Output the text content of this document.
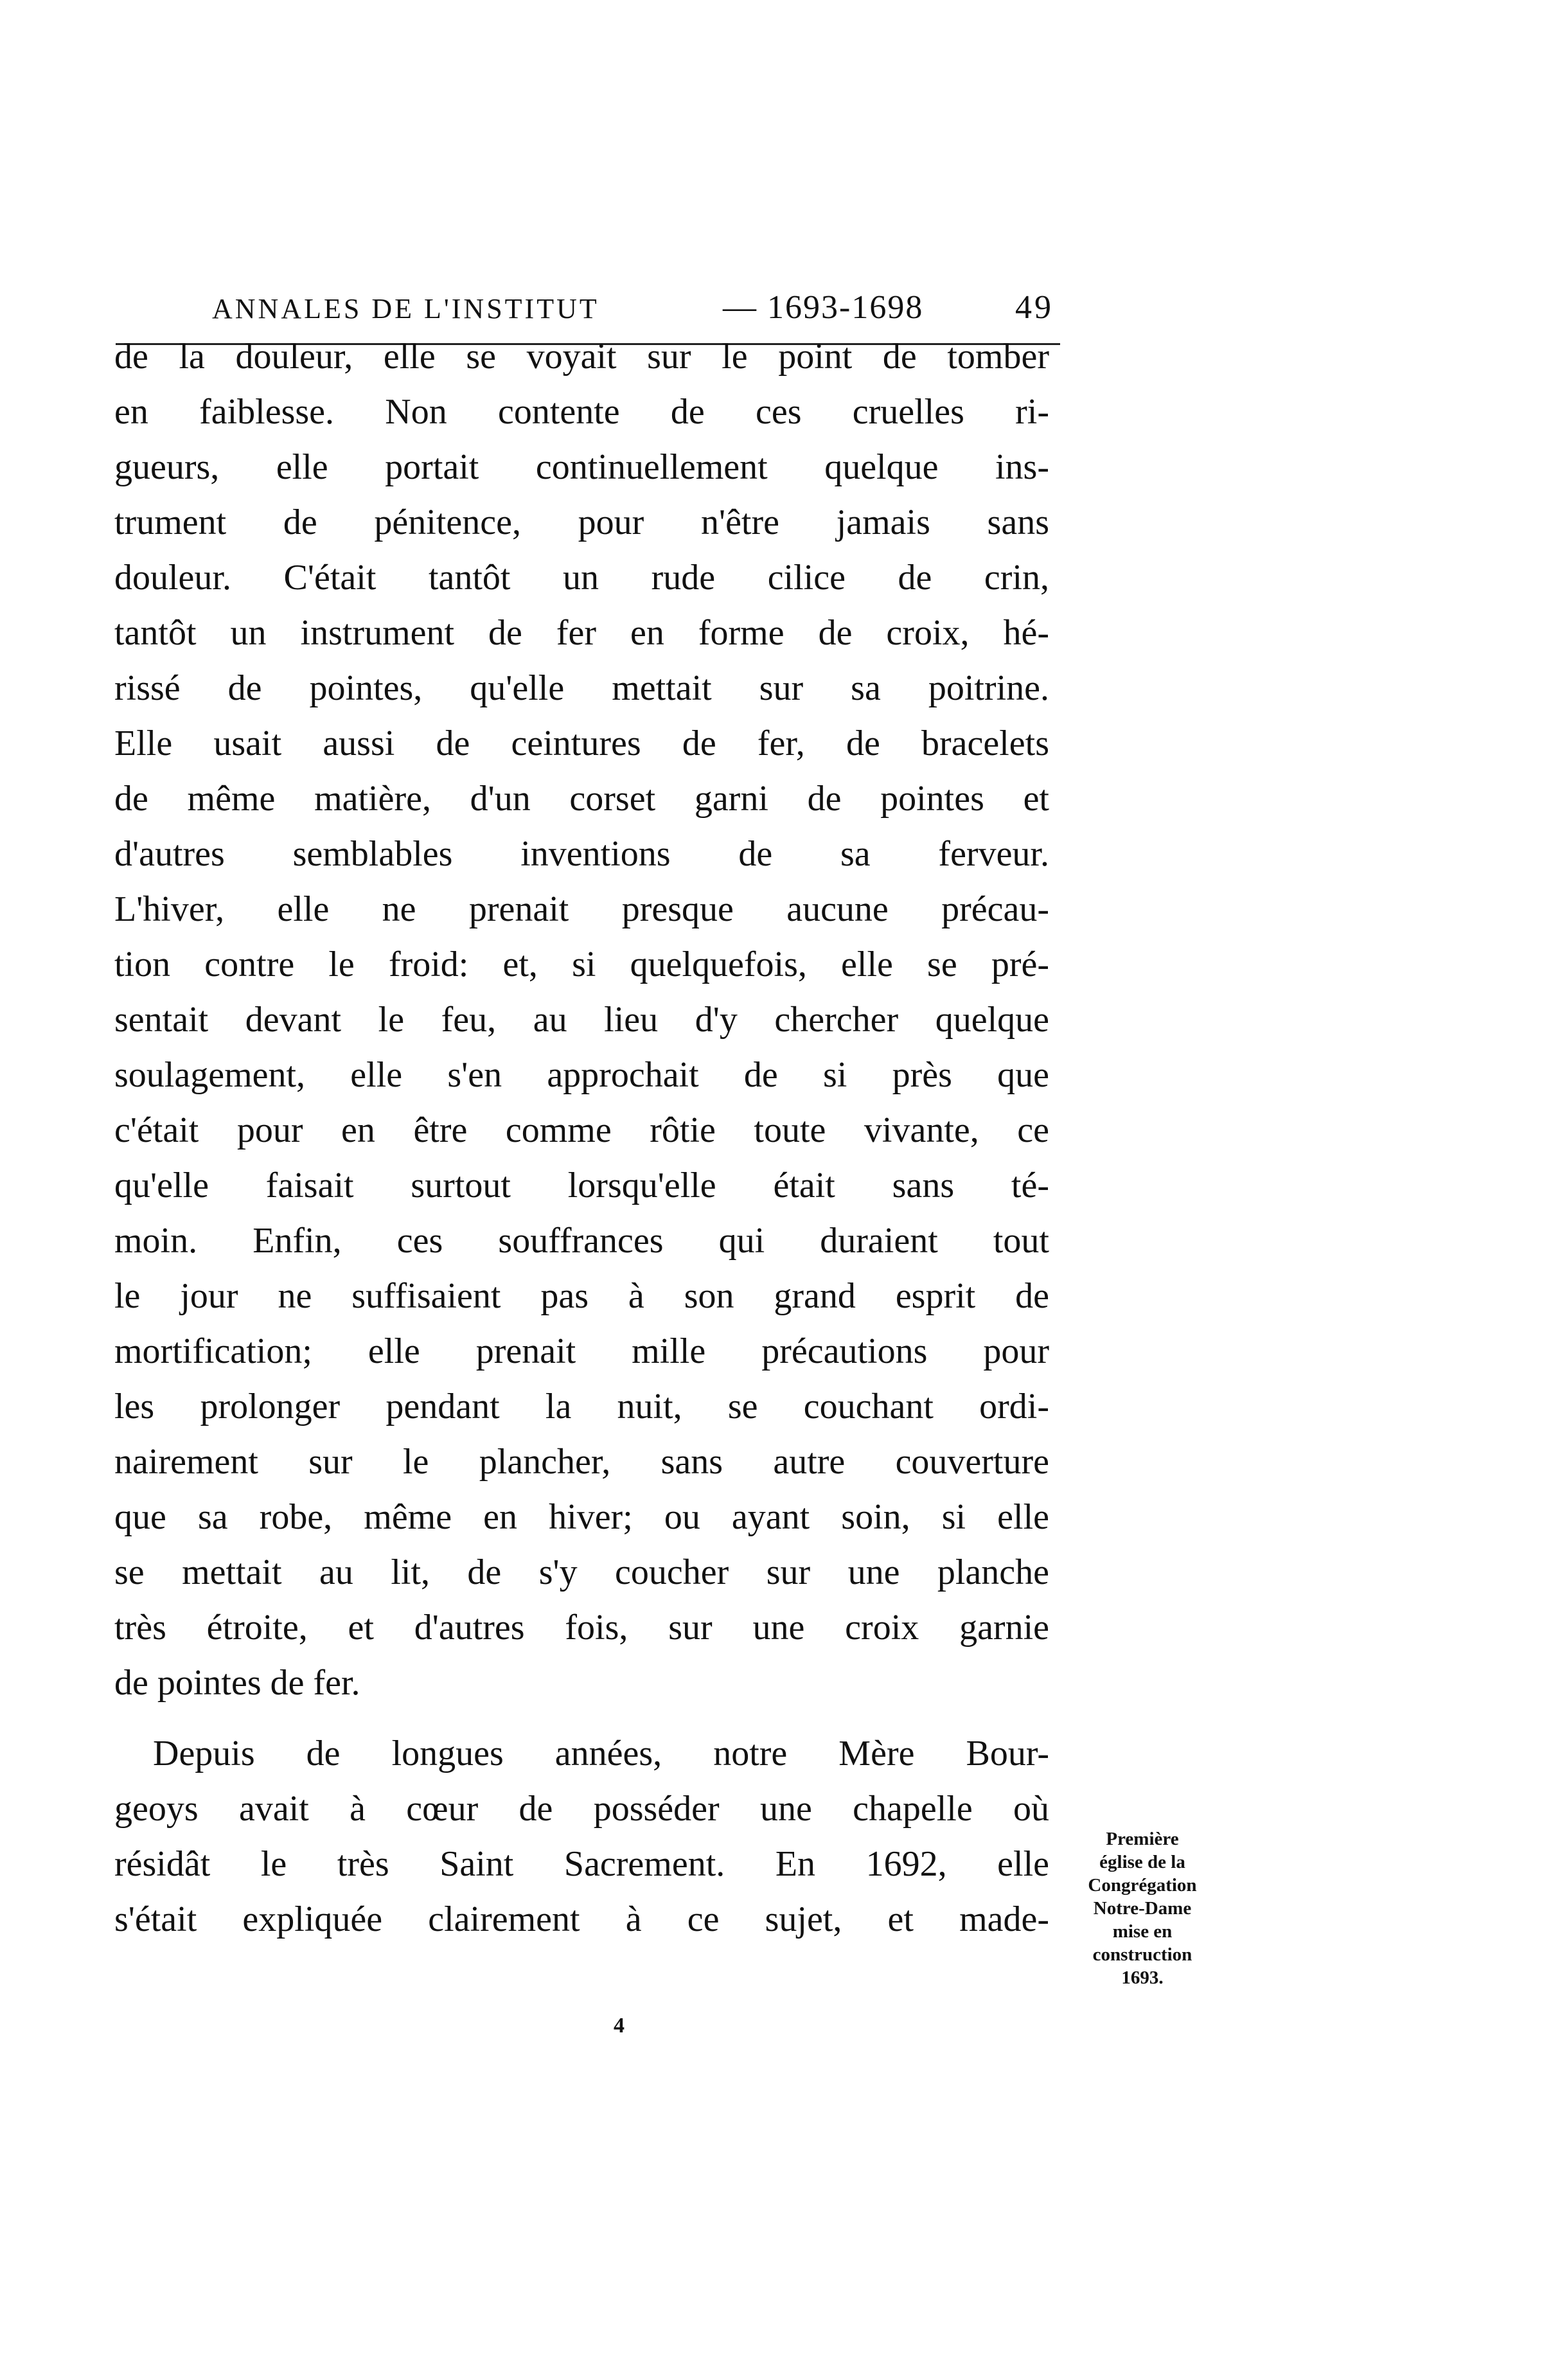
ANNALES DE L'INSTITUT	— 1693-1698	49
de la douleur, elle se voyait sur le point de tomber
en faiblesse. Non contente de ces cruelles ri-
gueurs, elle portait continuellement quelque ins-
trument de pénitence, pour n'être jamais sans
douleur. C'était tantôt un rude cilice de crin,
tantôt un instrument de fer en forme de croix, hé-
rissé de pointes, qu'elle mettait sur sa poitrine.
Elle usait aussi de ceintures de fer, de bracelets
de même matière, d'un corset garni de pointes et
d'autres semblables inventions de sa ferveur.
L'hiver, elle ne prenait presque aucune précau-
tion contre le froid: et, si quelquefois, elle se pré-
sentait devant le feu, au lieu d'y chercher quelque
soulagement, elle s'en approchait de si près que
c'était pour en être comme rôtie toute vivante, ce
qu'elle faisait surtout lorsqu'elle était sans té-
moin. Enfin, ces souffrances qui duraient tout
le jour ne suffisaient pas à son grand esprit de
mortification; elle prenait mille précautions pour
les prolonger pendant la nuit, se couchant ordi-
nairement sur le plancher, sans autre couverture
que sa robe, même en hiver; ou ayant soin, si elle
se mettait au lit, de s'y coucher sur une planche
très étroite, et d'autres fois, sur une croix garnie
de pointes de fer.
Depuis de longues années, notre Mère Bour-
geoys avait à cœur de posséder une chapelle où
résidât le très Saint Sacrement. En 1692, elle
s'était expliquée clairement à ce sujet, et made-
Première
église de la
Congrégation
Notre-Dame
mise en
construction
1693.
4
